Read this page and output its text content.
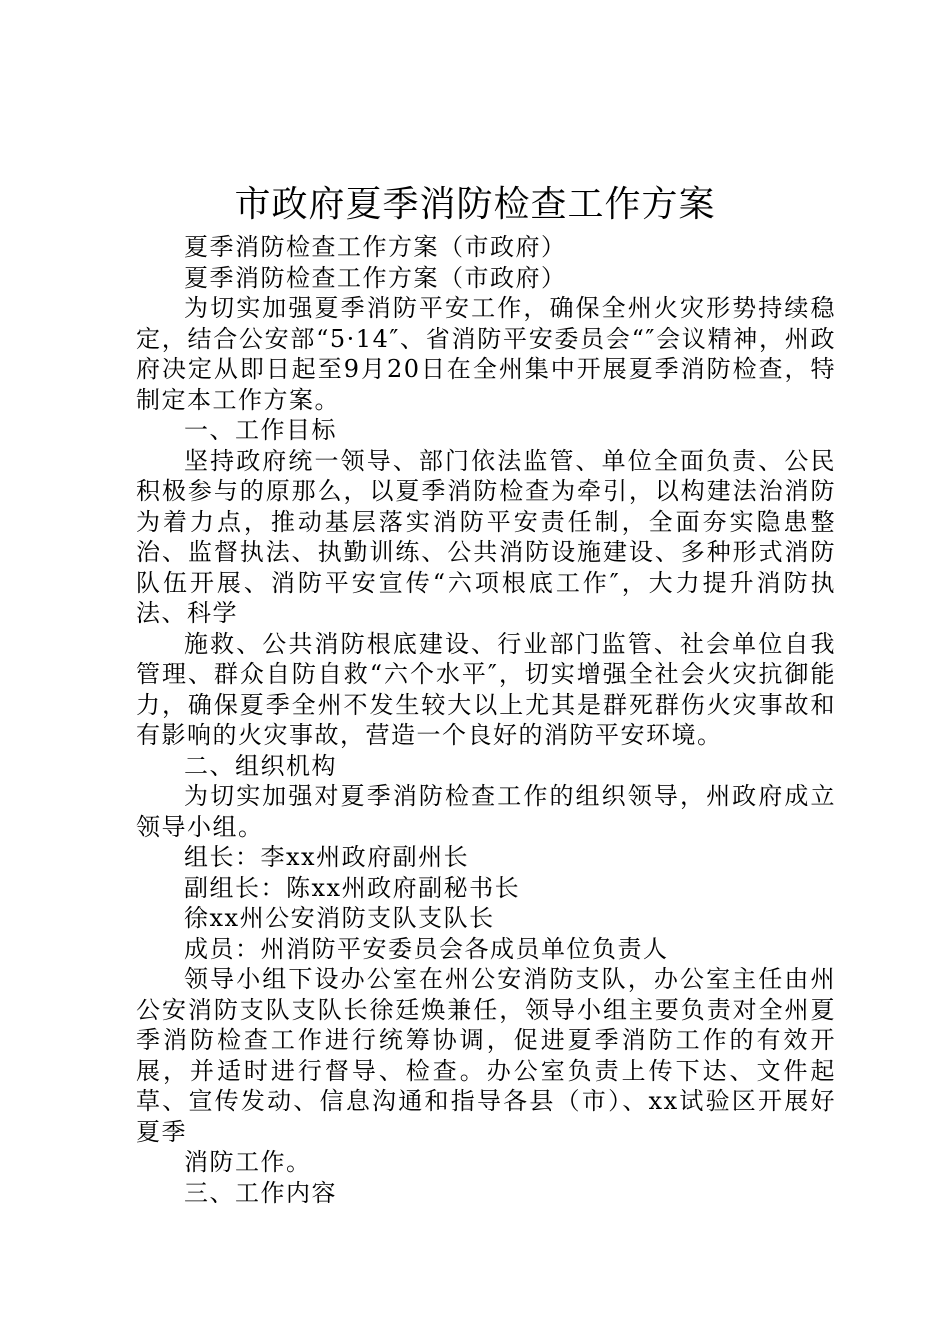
市政府夏季消防检查工作方案

夏季消防检查工作方案（市政府）

夏季消防检查工作方案（市政府）

为切实加强夏季消防平安工作，确保全州火灾形势持续稳定，结合公安部“5·14″、省消防平安委员会“″会议精神，州政府决定从即日起至9月20日在全州集中开展夏季消防检查，特制定本工作方案。

一、工作目标

坚持政府统一领导、部门依法监管、单位全面负责、公民积极参与的原那么，以夏季消防检查为牵引，以构建法治消防为着力点，推动基层落实消防平安责任制，全面夯实隐患整治、监督执法、执勤训练、公共消防设施建设、多种形式消防队伍开展、消防平安宣传“六项根底工作″，大力提升消防执法、科学

施救、公共消防根底建设、行业部门监管、社会单位自我管理、群众自防自救“六个水平″，切实增强全社会火灾抗御能力，确保夏季全州不发生较大以上尤其是群死群伤火灾事故和有影响的火灾事故，营造一个良好的消防平安环境。

二、组织机构

为切实加强对夏季消防检查工作的组织领导，州政府成立领导小组。

组长：李xx州政府副州长

副组长：陈xx州政府副秘书长

徐xx州公安消防支队支队长

成员：州消防平安委员会各成员单位负责人

领导小组下设办公室在州公安消防支队，办公室主任由州公安消防支队支队长徐廷焕兼任，领导小组主要负责对全州夏季消防检查工作进行统筹协调，促进夏季消防工作的有效开展，并适时进行督导、检查。办公室负责上传下达、文件起草、宣传发动、信息沟通和指导各县（市）、xx试验区开展好夏季

消防工作。

三、工作内容
